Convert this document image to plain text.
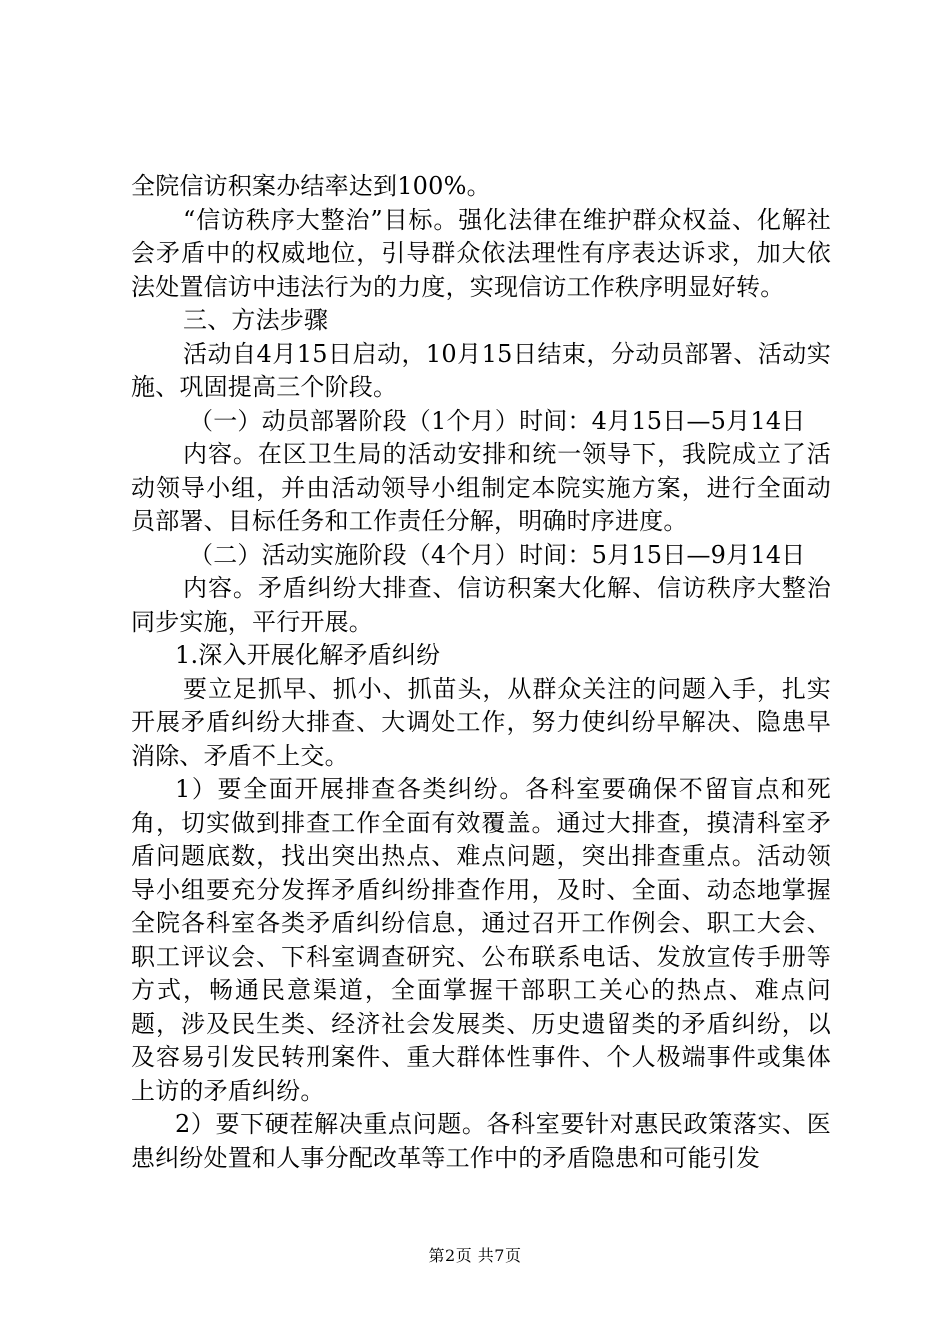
全院信访积案办结率达到100%。

“信访秩序大整治”目标。强化法律在维护群众权益、化解社会矛盾中的权威地位，引导群众依法理性有序表达诉求，加大依法处置信访中违法行为的力度，实现信访工作秩序明显好转。

三、方法步骤

活动自4月15日启动，10月15日结束，分动员部署、活动实施、巩固提高三个阶段。

（一）动员部署阶段（1个月）时间：4月15日—5月14日

内容。在区卫生局的活动安排和统一领导下，我院成立了活动领导小组，并由活动领导小组制定本院实施方案，进行全面动员部署、目标任务和工作责任分解，明确时序进度。

（二）活动实施阶段（4个月）时间：5月15日—9月14日

内容。矛盾纠纷大排查、信访积案大化解、信访秩序大整治同步实施，平行开展。

1.深入开展化解矛盾纠纷

要立足抓早、抓小、抓苗头，从群众关注的问题入手，扎实开展矛盾纠纷大排查、大调处工作，努力使纠纷早解决、隐患早消除、矛盾不上交。

1）要全面开展排查各类纠纷。各科室要确保不留盲点和死角，切实做到排查工作全面有效覆盖。通过大排查，摸清科室矛盾问题底数，找出突出热点、难点问题，突出排查重点。活动领导小组要充分发挥矛盾纠纷排查作用，及时、全面、动态地掌握全院各科室各类矛盾纠纷信息，通过召开工作例会、职工大会、职工评议会、下科室调查研究、公布联系电话、发放宣传手册等方式，畅通民意渠道，全面掌握干部职工关心的热点、难点问题，涉及民生类、经济社会发展类、历史遗留类的矛盾纠纷，以及容易引发民转刑案件、重大群体性事件、个人极端事件或集体上访的矛盾纠纷。

2）要下硬茬解决重点问题。各科室要针对惠民政策落实、医患纠纷处置和人事分配改革等工作中的矛盾隐患和可能引发

第2页 共7页
